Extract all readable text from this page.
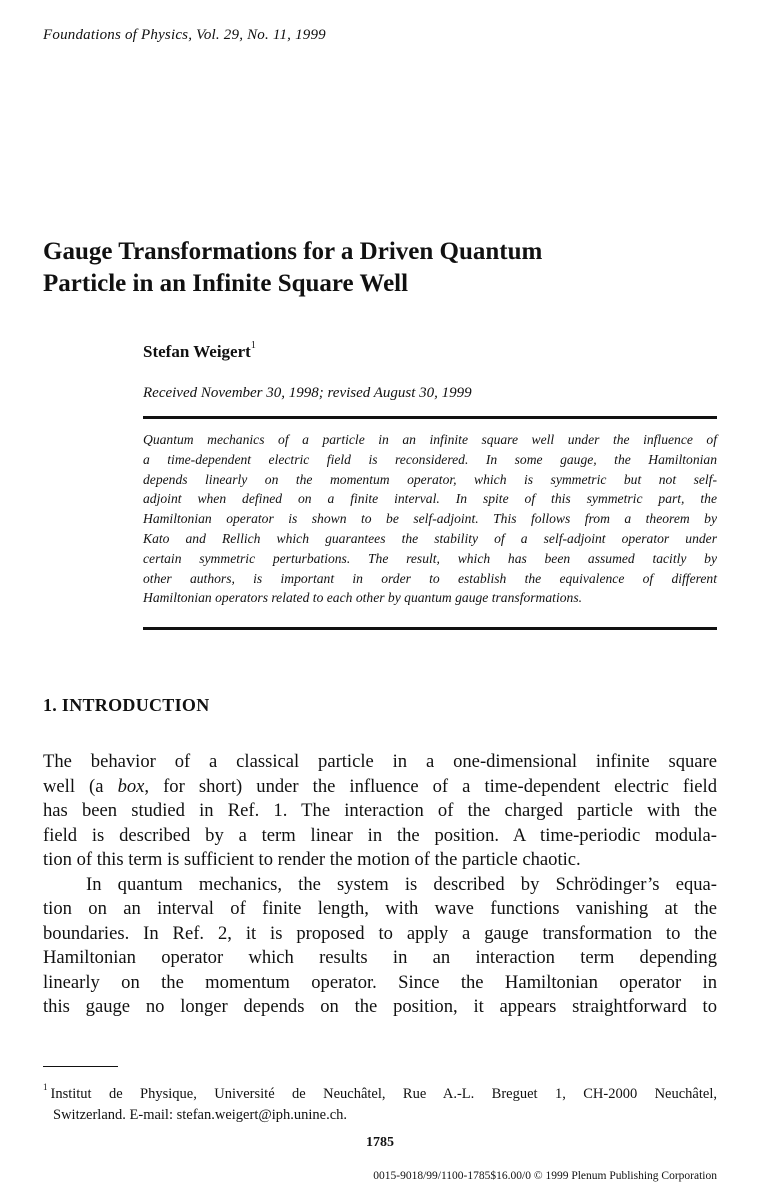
Foundations of Physics, Vol. 29, No. 11, 1999
Gauge Transformations for a Driven Quantum
Particle in an Infinite Square Well
Stefan Weigert$^1$
Received November 30, 1998; revised August 30, 1999
Quantum mechanics of a particle in an infinite square well under the influence of
a time-dependent electric field is reconsidered. In some gauge, the Hamiltonian
depends linearly on the momentum operator, which is symmetric but not self-
adjoint when defined on a finite interval. In spite of this symmetric part, the
Hamiltonian operator is shown to be self-adjoint. This follows from a theorem by
Kato and Rellich which guarantees the stability of a self-adjoint operator under
certain symmetric perturbations. The result, which has been assumed tacitly by
other authors, is important in order to establish the equivalence of different
Hamiltonian operators related to each other by quantum gauge transformations.
1. INTRODUCTION
The behavior of a classical particle in a one-dimensional infinite square
well (a box, for short) under the influence of a time-dependent electric field
has been studied in Ref. 1. The interaction of the charged particle with the
field is described by a term linear in the position. A time-periodic modula-
tion of this term is sufficient to render the motion of the particle chaotic.
In quantum mechanics, the system is described by Schrödinger’s equa-
tion on an interval of finite length, with wave functions vanishing at the
boundaries. In Ref. 2, it is proposed to apply a gauge transformation to the
Hamiltonian operator which results in an interaction term depending
linearly on the momentum operator. Since the Hamiltonian operator in
this gauge no longer depends on the position, it appears straightforward to
$^1$ Institut de Physique, Université de Neuchâtel, Rue A.-L. Breguet 1, CH-2000 Neuchâtel,
Switzerland. E-mail: stefan.weigert@iph.unine.ch.
1785
0015-9018/99/1100-1785$16.00/0 © 1999 Plenum Publishing Corporation
